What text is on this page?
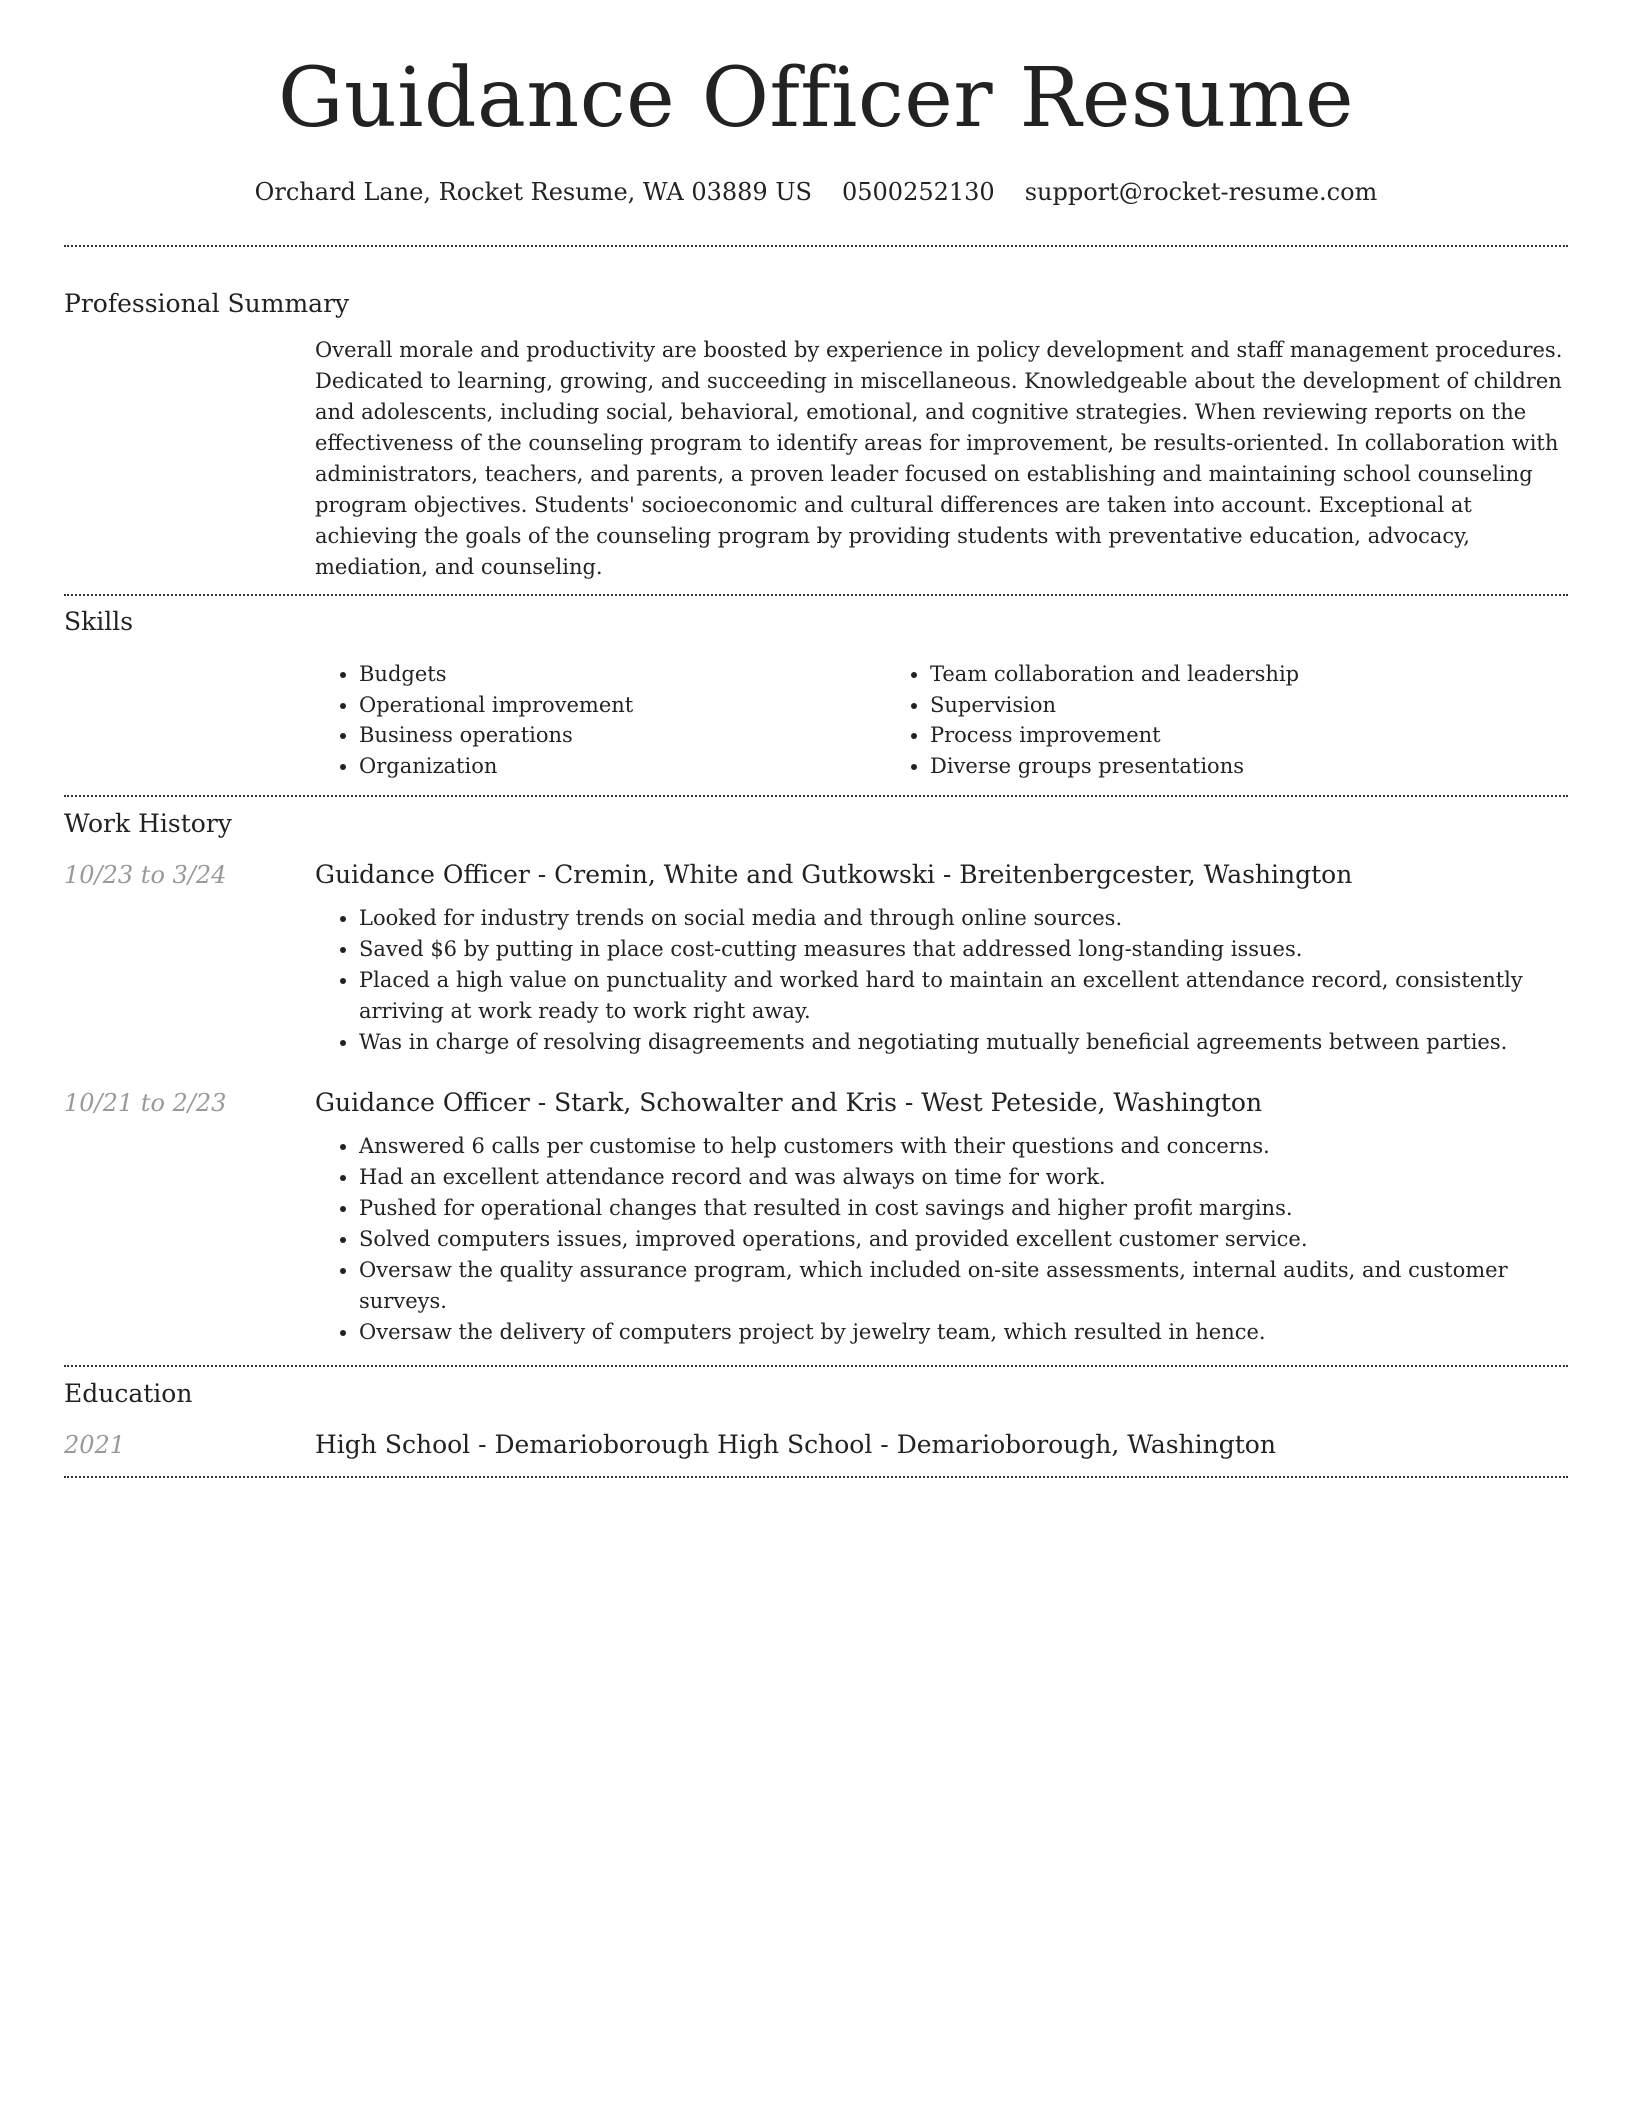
Guidance Officer Resume
Orchard Lane, Rocket Resume, WA 03889 US 0500252130 support@rocket-resume.com
Professional Summary

Overall morale and productivity are boosted by experience in policy development and staff management procedures. Dedicated to learning, growing, and succeeding in miscellaneous. Knowledgeable about the development of children and adolescents, including social, behavioral, emotional, and cognitive strategies. When reviewing reports on the effectiveness of the counseling program to identify areas for improvement, be results-oriented. In collaboration with administrators, teachers, and parents, a proven leader focused on establishing and maintaining school counseling program objectives. Students' socioeconomic and cultural differences are taken into account. Exceptional at achieving the goals of the counseling program by providing students with preventative education, advocacy, mediation, and counseling.

Skills
• Budgets
• Operational improvement
• Business operations
• Organization
• Team collaboration and leadership
• Supervision
• Process improvement
• Diverse groups presentations
Work History
10/23 to 3/24	Guidance Officer - Cremin, White and Gutkowski - Breitenbergcester, Washington
• Looked for industry trends on social media and through online sources.
• Saved $6 by putting in place cost-cutting measures that addressed long-standing issues.
• Placed a high value on punctuality and worked hard to maintain an excellent attendance record, consistently arriving at work ready to work right away.
• Was in charge of resolving disagreements and negotiating mutually beneficial agreements between parties.
10/21 to 2/23	Guidance Officer - Stark, Schowalter and Kris - West Peteside, Washington
• Answered 6 calls per customise to help customers with their questions and concerns.
• Had an excellent attendance record and was always on time for work.
• Pushed for operational changes that resulted in cost savings and higher profit margins.
• Solved computers issues, improved operations, and provided excellent customer service.
• Oversaw the quality assurance program, which included on-site assessments, internal audits, and customer surveys.
• Oversaw the delivery of computers project by jewelry team, which resulted in hence.
Education
2021	High School - Demarioborough High School - Demarioborough, Washington
